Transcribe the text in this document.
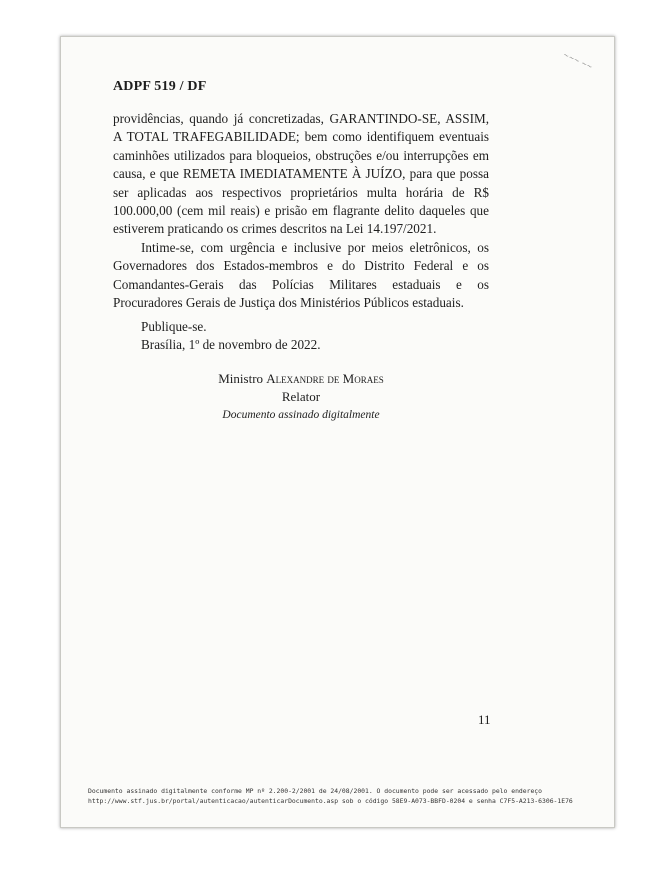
~~~ ~~
ADPF 519 / DF

providências, quando já concretizadas, GARANTINDO-SE, ASSIM, A TOTAL TRAFEGABILIDADE; bem como identifiquem eventuais caminhões utilizados para bloqueios, obstruções e/ou interrupções em causa, e que REMETA IMEDIATAMENTE À JUÍZO, para que possa ser aplicadas aos respectivos proprietários multa horária de R$ 100.000,00 (cem mil reais) e prisão em flagrante delito daqueles que estiverem praticando os crimes descritos na Lei 14.197/2021.

Intime-se, com urgência e inclusive por meios eletrônicos, os Governadores dos Estados-membros e do Distrito Federal e os Comandantes-Gerais das Polícias Militares estaduais e os Procuradores Gerais de Justiça dos Ministérios Públicos estaduais.

Publique-se.
Brasília, 1º de novembro de 2022.
Ministro Alexandre de Moraes
Relator
Documento assinado digitalmente
11
Documento assinado digitalmente conforme MP nº 2.200-2/2001 de 24/08/2001. O documento pode ser acessado pelo endereço
http://www.stf.jus.br/portal/autenticacao/autenticarDocumento.asp sob o código 58E9-A073-BBFD-0204 e senha C7F5-A213-6306-1E76
